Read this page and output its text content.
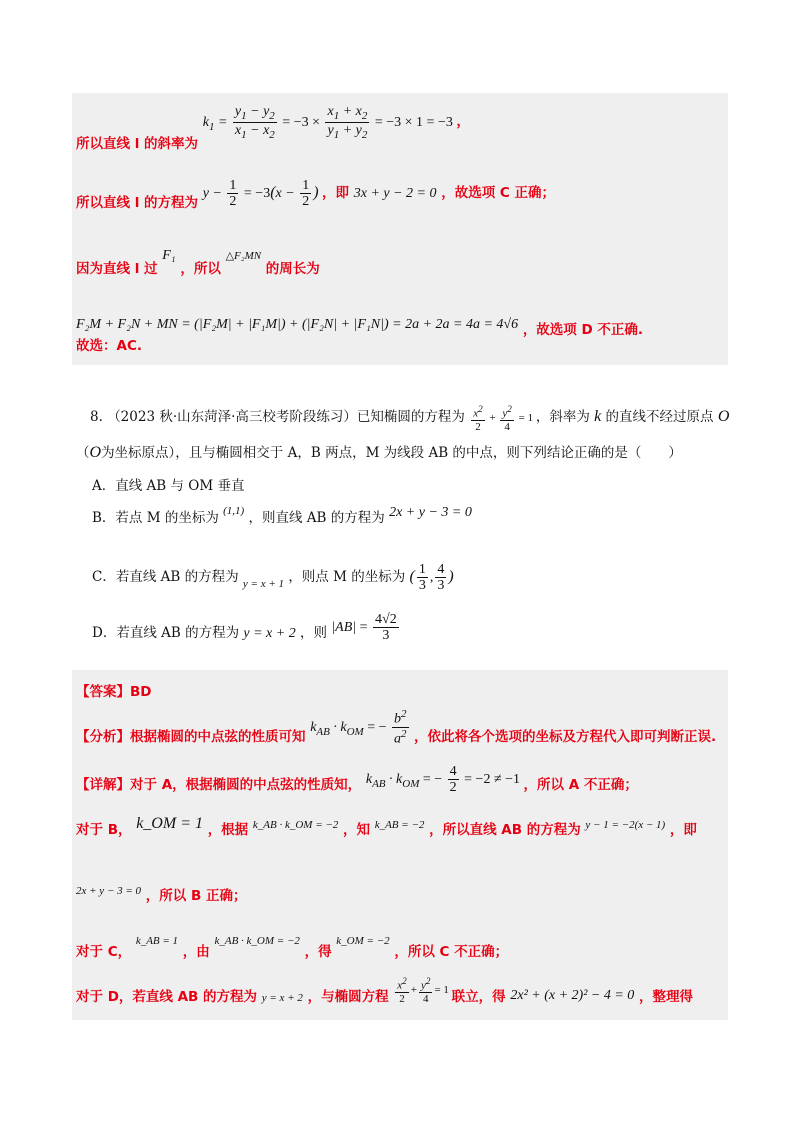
所以直线 l 的斜率为 $k_1 = \frac{y_1 - y_2}{x_1 - x_2} = -3 \times \frac{x_1 + x_2}{y_1 + y_2} = -3 \times 1 = -3$ ，
所以直线 l 的方程为 $y - \frac{1}{2} = -3(x - \frac{1}{2}$ ) ，即 3x + y − 2 = 0 ，故选项 C 正确；
因为直线 l 过 F₁ ，所以 $^{\triangle F_2MN}$ 的周长为
F₂M + F₂N + MN = (|F₂M| + |F₁M|) + (|F₂N| + |F₁N|) = 2a + 2a = 4a = 4√6 ，故选项 D 不正确.
故选：AC.
8. （2023 秋·山东菏泽·高三校考阶段练习）已知椭圆的方程为 $\frac{x^2}{2} + \frac{y^2}{4} = 1$ ，斜率为 k 的直线不经过原点 O
（O为坐标原点），且与椭圆相交于 A，B 两点，M 为线段 AB 的中点，则下列结论正确的是（　　）
A．直线 AB 与 OM 垂直
B．若点 M 的坐标为 $^{(1,1)}$ ，则直线 AB 的方程为 2x + y − 3 = 0
C．若直线 AB 的方程为 $_{y = x + 1}$ ，则点 M 的坐标为 ( $\frac{1}{3}$ , $\frac{4}{3}$ )
D．若直线 AB 的方程为 y = x + 2 ，则 $|AB| = \frac{4√2}{3}$
【答案】BD
【分析】根据椭圆的中点弦的性质可知 $k_{AB} \cdot k_{OM}$ = − $\frac{b^2}{a^2}$ ，依此将各个选项的坐标及方程代入即可判断正误.
【详解】对于 A，根据椭圆的中点弦的性质知， $k_{AB} \cdot k_{OM}$ = − $\frac{4}{2} = -2 \ne -1$ ，所以 A 不正确；
对于 B， k_OM = 1 ，根据 k_AB · k_OM = −2 ，知 k_AB = −2 ，所以直线 AB 的方程为 y − 1 = −2(x − 1) ，即
2x + y − 3 = 0 ，所以 B 正确；
对于 C， k_AB = 1 ，由 k_AB · k_OM = −2 ，得 k_OM = −2 ，所以 C 不正确；
对于 D，若直线 AB 的方程为 $_{y = x + 2}$ ，与椭圆方程 $\frac{x^2}{2} + \frac{y^2}{4} = 1$ 联立，得 2x² + (x + 2)² − 4 = 0 ，整理得
